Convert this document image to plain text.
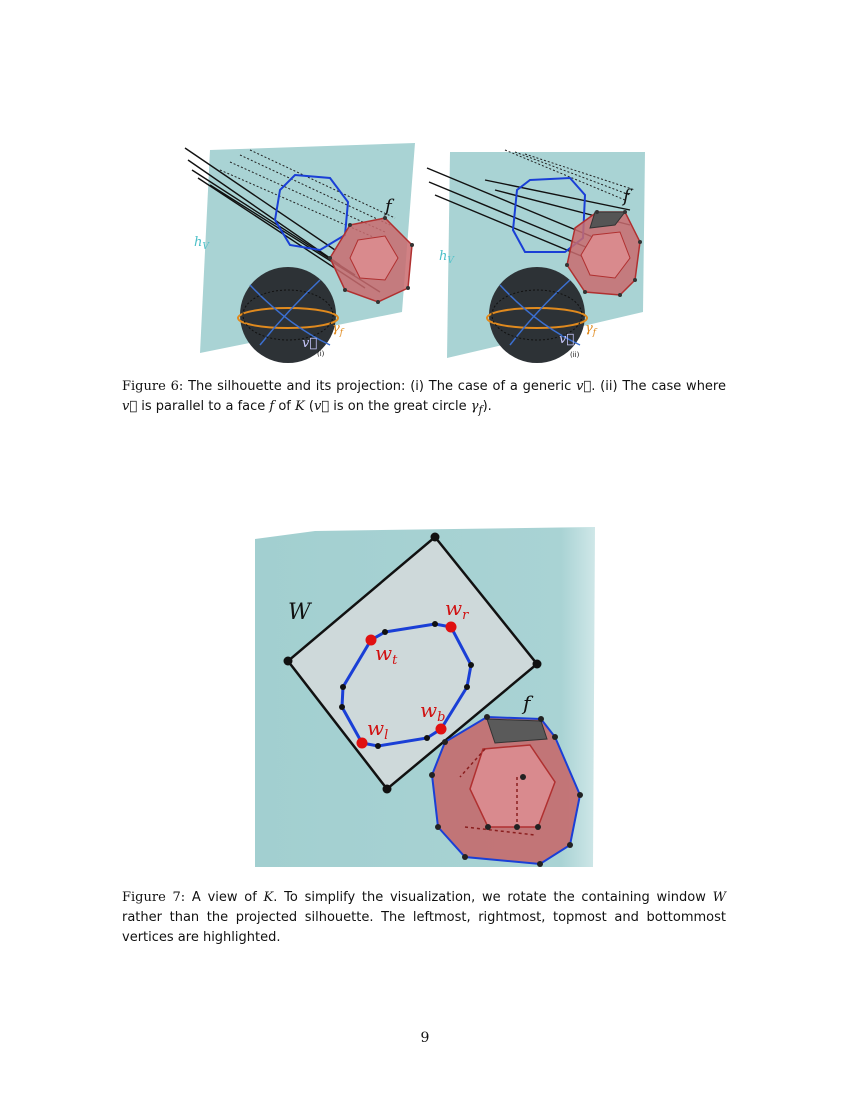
$h_V$
f
$\gamma_f$
v⃗
(i)
$h_V$
f
$\gamma_f$
v⃗
(ii)
Figure 6: The silhouette and its projection: (i) The case of a generic v⃗. (ii) The case where v⃗ is parallel to a face f of K (v⃗ is on the great circle $\gamma_f$).
W	$w_r$
$w_t$
$w_l$
$w_b$
f
Figure 7: A view of K. To simplify the visualization, we rotate the containing window W rather than the projected silhouette. The leftmost, rightmost, topmost and bottommost vertices are highlighted.
9
